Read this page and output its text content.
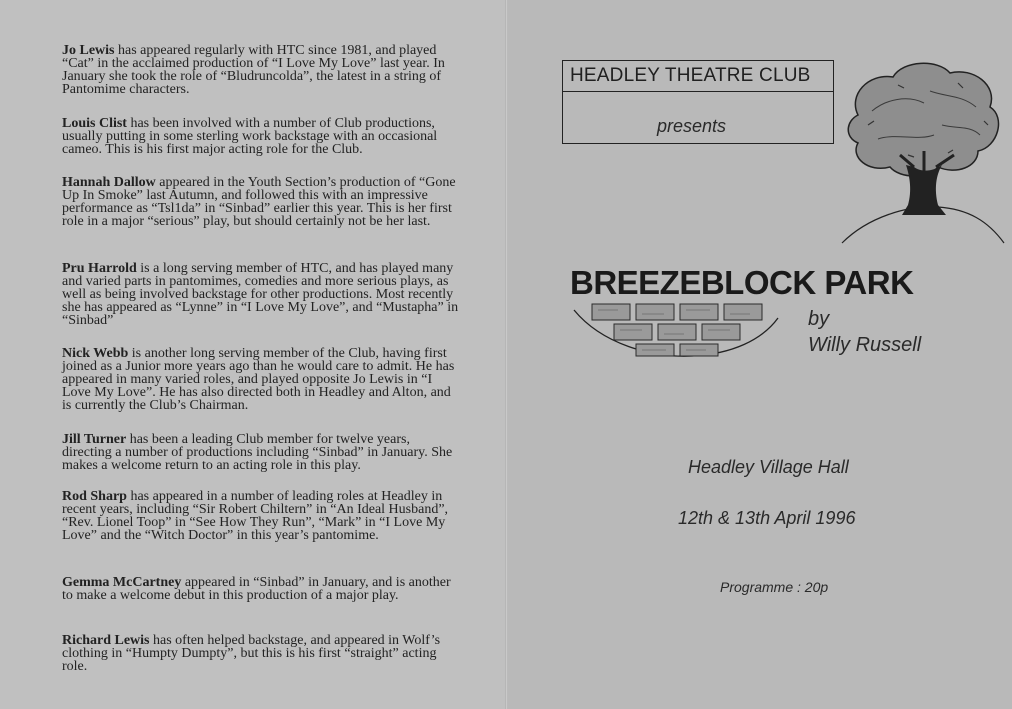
Jo Lewis has appeared regularly with HTC since 1981, and played “Cat” in the acclaimed production of “I Love My Love” last year. In January she took the role of “Bludruncolda”, the latest in a string of Pantomime characters.
Louis Clist has been involved with a number of Club productions, usually putting in some sterling work backstage with an occasional cameo. This is his first major acting role for the Club.
Hannah Dallow appeared in the Youth Section’s production of “Gone Up In Smoke” last Autumn, and followed this with an impressive performance as “Tsl1da” in “Sinbad” earlier this year. This is her first role in a major “serious” play, but should certainly not be her last.
Pru Harrold is a long serving member of HTC, and has played many and varied parts in pantomimes, comedies and more serious plays, as well as being involved backstage for other productions. Most recently she has appeared as “Lynne” in “I Love My Love”, and “Mustapha” in “Sinbad”
Nick Webb is another long serving member of the Club, having first joined as a Junior more years ago than he would care to admit. He has appeared in many varied roles, and played opposite Jo Lewis in “I Love My Love”. He has also directed both in Headley and Alton, and is currently the Club’s Chairman.
Jill Turner has been a leading Club member for twelve years, directing a number of productions including “Sinbad” in January. She makes a welcome return to an acting role in this play.
Rod Sharp has appeared in a number of leading roles at Headley in recent years, including “Sir Robert Chiltern” in “An Ideal Husband”, “Rev. Lionel Toop” in “See How They Run”, “Mark” in “I Love My Love” and the “Witch Doctor” in this year’s pantomime.
Gemma McCartney appeared in “Sinbad” in January, and is another to make a welcome debut in this production of a major play.
Richard Lewis has often helped backstage, and appeared in Wolf’s clothing in “Humpty Dumpty”, but this is his first “straight” acting role.
HEADLEY THEATRE CLUB
presents
BREEZEBLOCK PARK
by
Willy Russell
Headley Village Hall
12th & 13th April 1996
Programme : 20p
